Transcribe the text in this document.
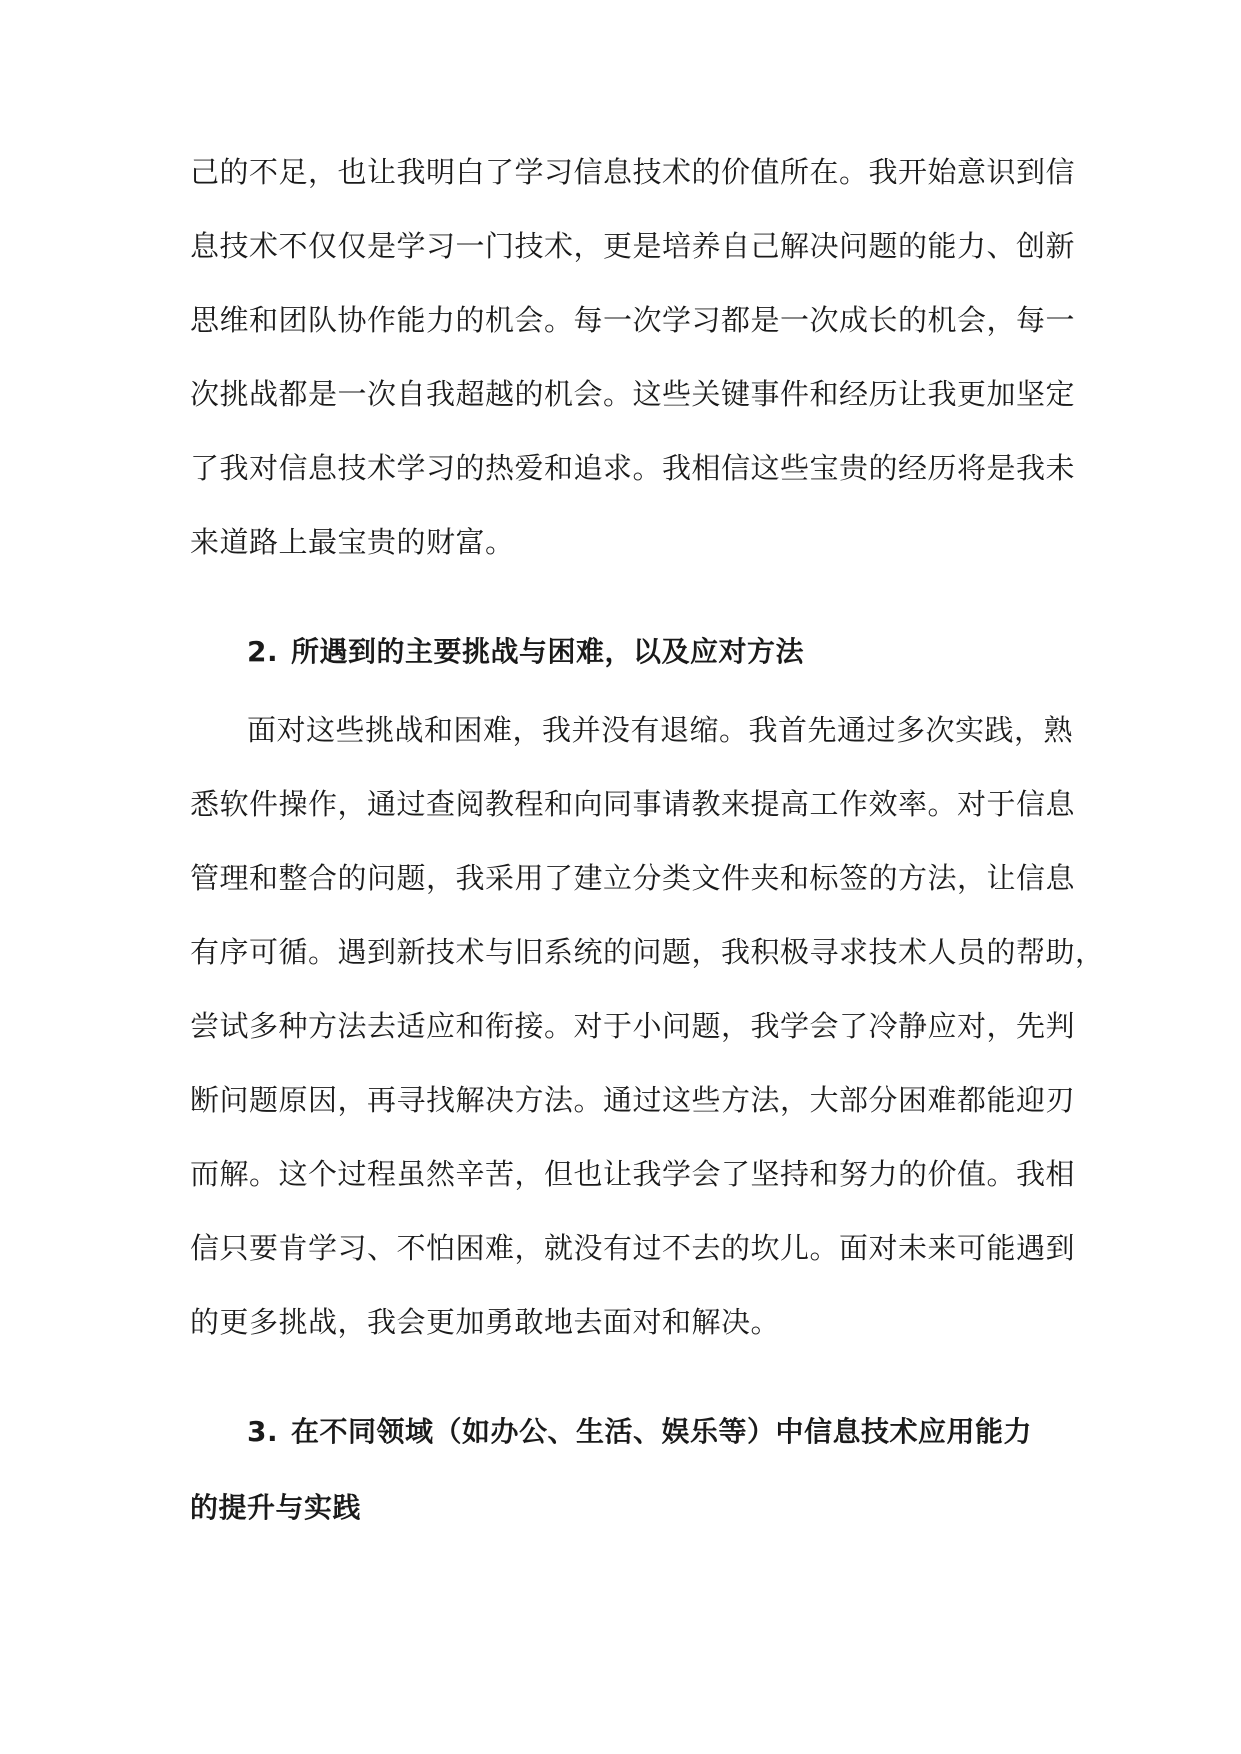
己的不足，也让我明白了学习信息技术的价值所在。我开始意识到信
息技术不仅仅是学习一门技术，更是培养自己解决问题的能力、创新
思维和团队协作能力的机会。每一次学习都是一次成长的机会，每一
次挑战都是一次自我超越的机会。这些关键事件和经历让我更加坚定
了我对信息技术学习的热爱和追求。我相信这些宝贵的经历将是我未
来道路上最宝贵的财富。
2. 所遇到的主要挑战与困难，以及应对方法
面对这些挑战和困难，我并没有退缩。我首先通过多次实践，熟
悉软件操作，通过查阅教程和向同事请教来提高工作效率。对于信息
管理和整合的问题，我采用了建立分类文件夹和标签的方法，让信息
有序可循。遇到新技术与旧系统的问题，我积极寻求技术人员的帮助，
尝试多种方法去适应和衔接。对于小问题，我学会了冷静应对，先判
断问题原因，再寻找解决方法。通过这些方法，大部分困难都能迎刃
而解。这个过程虽然辛苦，但也让我学会了坚持和努力的价值。我相
信只要肯学习、不怕困难，就没有过不去的坎儿。面对未来可能遇到
的更多挑战，我会更加勇敢地去面对和解决。
3. 在不同领域（如办公、生活、娱乐等）中信息技术应用能力
的提升与实践
